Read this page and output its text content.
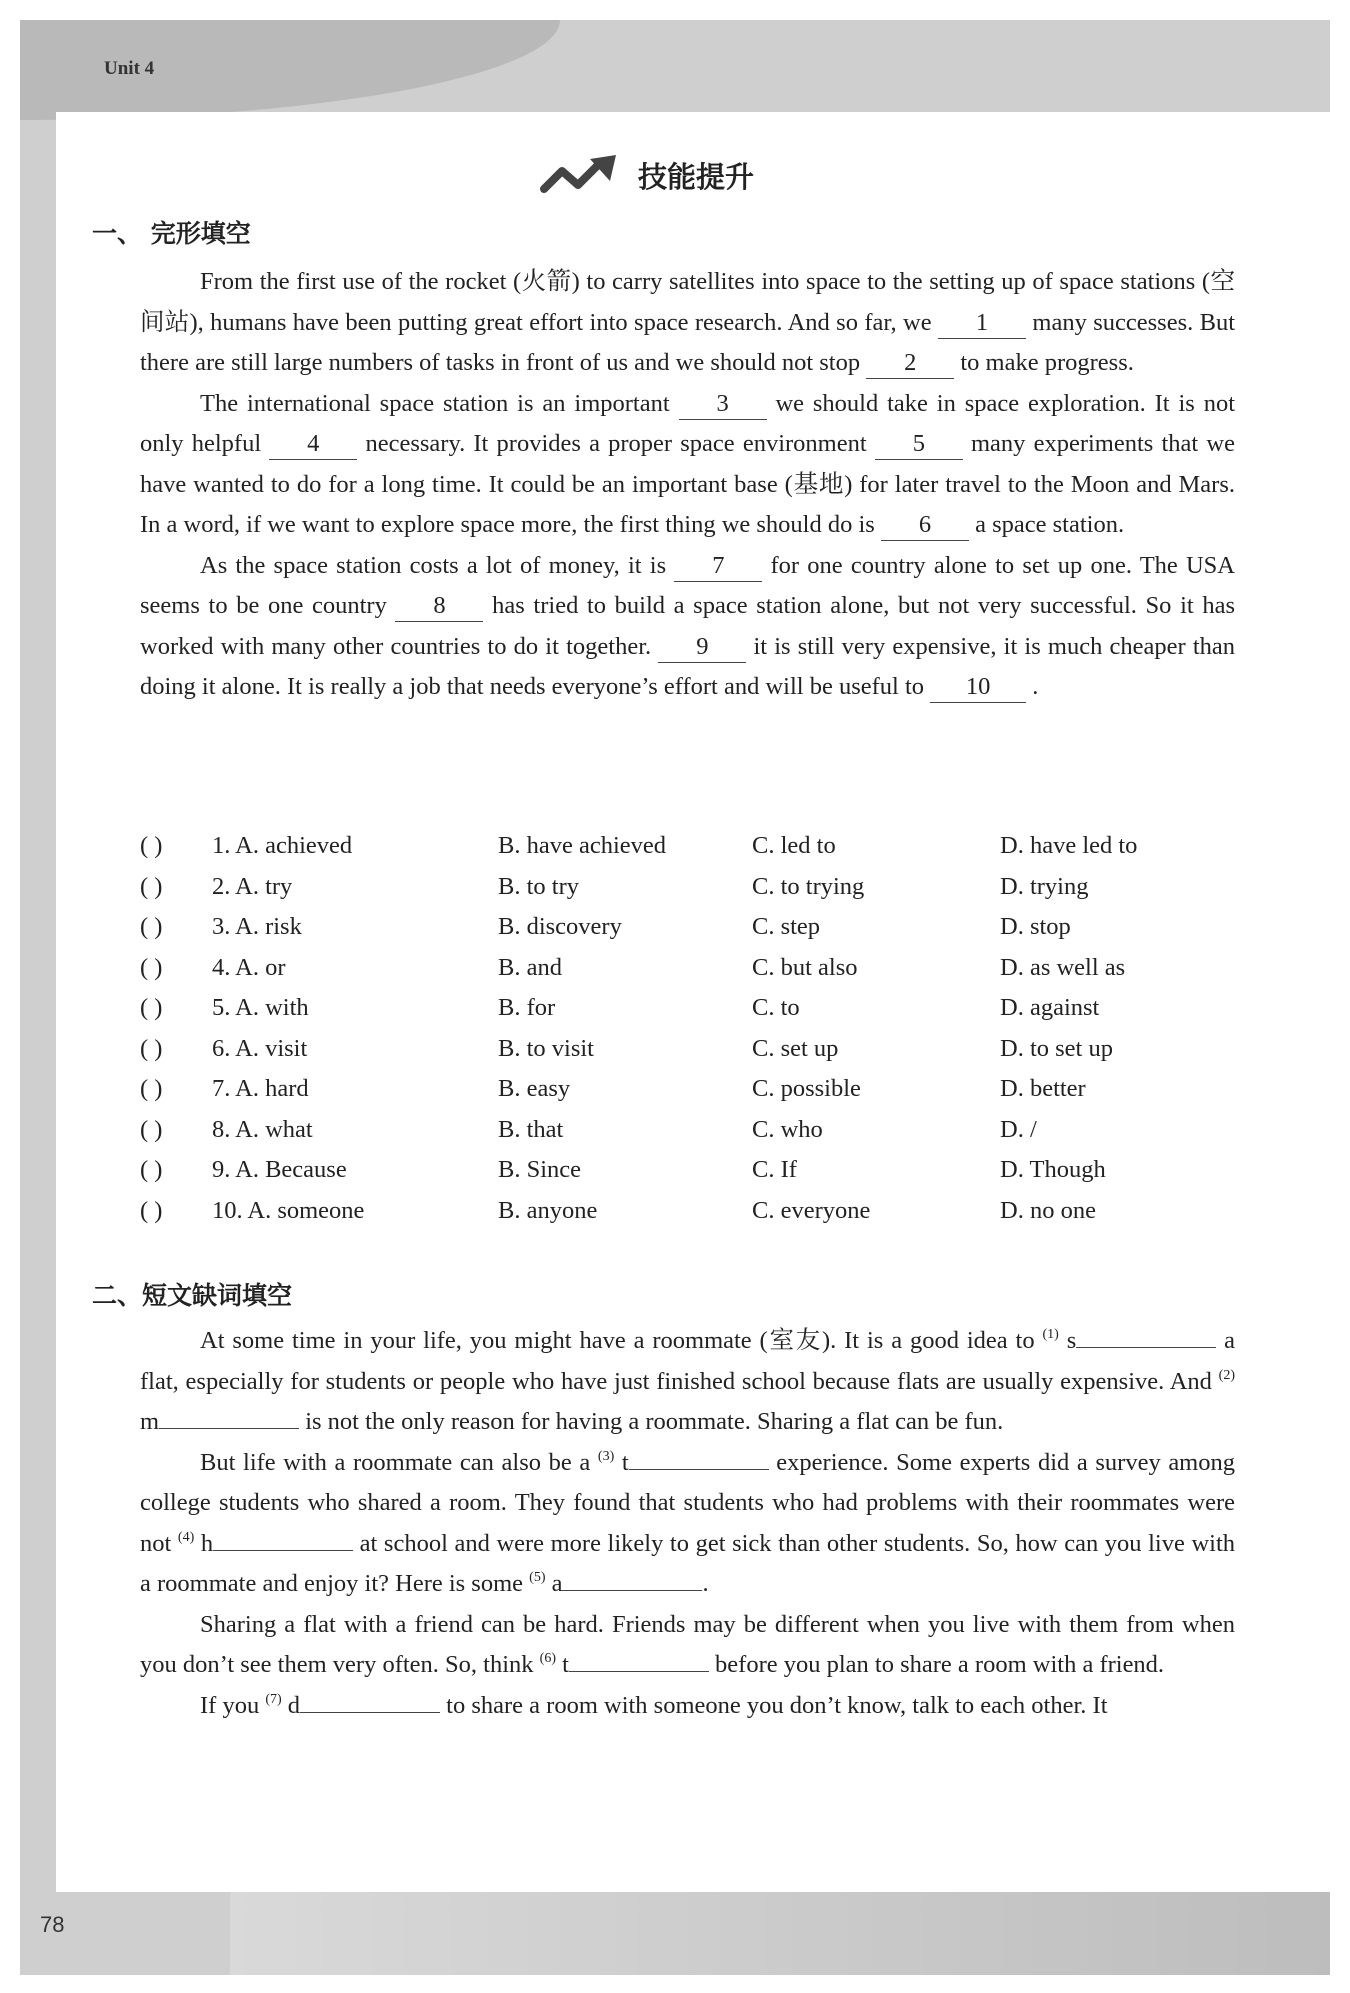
Unit 4
78
技能提升
一、 完形填空

From the first use of the rocket (火箭) to carry satellites into space to the setting up of space stations (空间站), humans have been putting great effort into space research. And so far, we 1 many successes. But there are still large numbers of tasks in front of us and we should not stop 2 to make progress.

The international space station is an important 3 we should take in space exploration. It is not only helpful 4 necessary. It provides a proper space environment 5 many experiments that we have wanted to do for a long time. It could be an important base (基地) for later travel to the Moon and Mars. In a word, if we want to explore space more, the first thing we should do is 6 a space station.

As the space station costs a lot of money, it is 7 for one country alone to set up one. The USA seems to be one country 8 has tried to build a space station alone, but not very successful. So it has worked with many other countries to do it together. 9 it is still very expensive, it is much cheaper than doing it alone. It is really a job that needs everyone’s effort and will be useful to 10 .

( ) 1. A. achieved	B. have achieved	C. led to	D. have led to
( ) 2. A. try	B. to try	C. to trying	D. trying
( ) 3. A. risk	B. discovery	C. step	D. stop
( ) 4. A. or	B. and	C. but also	D. as well as
( ) 5. A. with	B. for	C. to	D. against
( ) 6. A. visit	B. to visit	C. set up	D. to set up
( ) 7. A. hard	B. easy	C. possible	D. better
( ) 8. A. what	B. that	C. who	D. /
( ) 9. A. Because	B. Since	C. If	D. Though
( ) 10. A. someone	B. anyone	C. everyone	D. no one
二、短文缺词填空

At some time in your life, you might have a roommate (室友). It is a good idea to $^{(1)}$ s	a flat, especially for students or people who have just finished school because flats are usually expensive. And $^{(2)}$ m	is not the only reason for having a roommate. Sharing a flat can be fun.

But life with a roommate can also be a $^{(3)}$ t	experience. Some experts did a survey among college students who shared a room. They found that students who had problems with their roommates were not $^{(4)}$ h	at school and were more likely to get sick than other students. So, how can you live with a roommate and enjoy it? Here is some $^{(5)}$ a	.

Sharing a flat with a friend can be hard. Friends may be different when you live with them from when you don’t see them very often. So, think $^{(6)}$ t	before you plan to share a room with a friend.

If you $^{(7)}$ d	to share a room with someone you don’t know, talk to each other. It
